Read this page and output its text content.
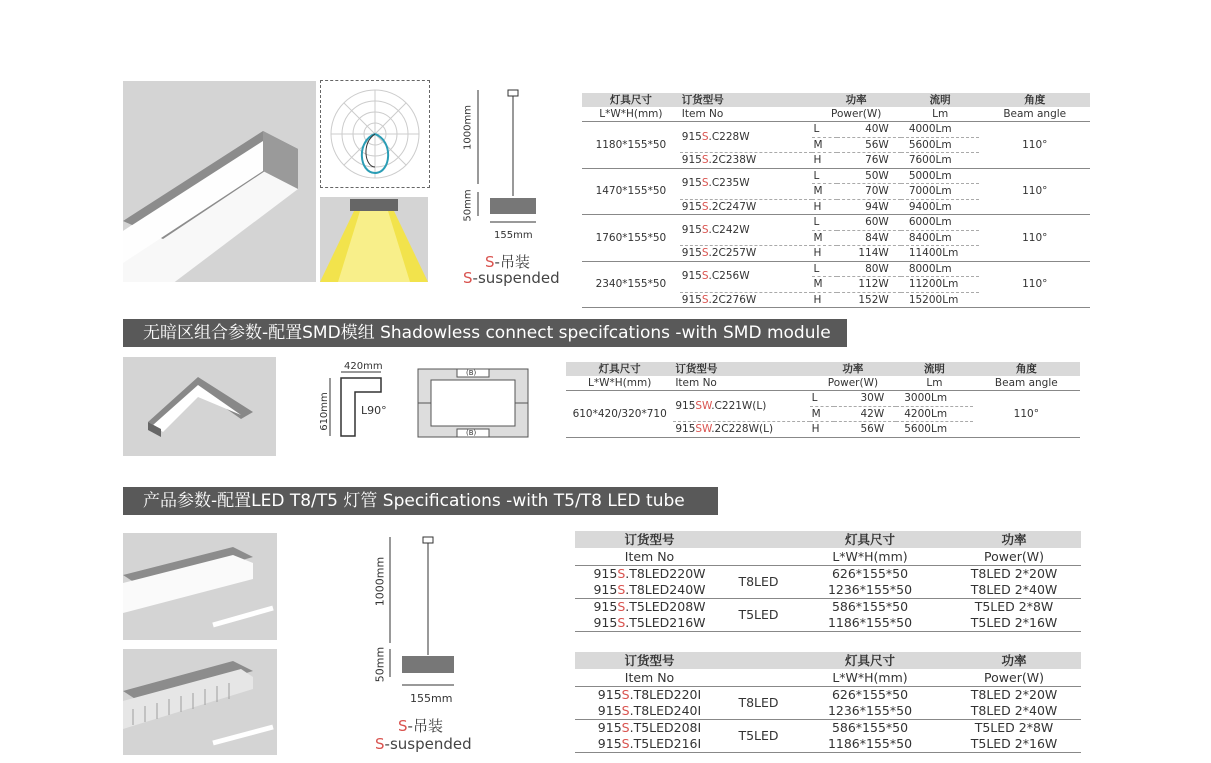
1000mm
50mm
155mm
S-吊装
S-suspended
灯具尺寸	订货型号	功率		流明	角度
L*W*H(mm)	Item No	Power(W)		Lm	Beam angle
1180*155*50	915S.C228W	L	40W	4000Lm	110°
		M	56W	5600Lm	
	915S.2C238W	H	76W	7600Lm	
1470*155*50	915S.C235W	L	50W	5000Lm	110°
		M	70W	7000Lm	
	915S.2C247W	H	94W	9400Lm	
1760*155*50	915S.C242W	L	60W	6000Lm	110°
		M	84W	8400Lm	
	915S.2C257W	H	114W	11400Lm	
2340*155*50	915S.C256W	L	80W	8000Lm	110°
		M	112W	11200Lm	
	915S.2C276W	H	152W	15200Lm	
无暗区组合参数-配置SMD模组 Shadowless connect specifcations -with SMD module
420mm
610mm	L90°
(B)
(B)
灯具尺寸	订货型号	功率		流明	角度
L*W*H(mm)	Item No	Power(W)		Lm	Beam angle
610*420/320*710	915SW.C221W(L)	L	30W	3000Lm	110°
		M	42W	4200Lm	
	915SW.2C228W(L)	H	56W	5600Lm	
产品参数-配置LED T8/T5 灯管 Specifications -with T5/T8 LED tube
1000mm
50mm
155mm
S-吊装
S-suspended
订货型号		灯具尺寸	功率
Item No		L*W*H(mm)	Power(W)
915S.T8LED220W	T8LED	626*155*50	T8LED 2*20W
915S.T8LED240W		1236*155*50	T8LED 2*40W
915S.T5LED208W	T5LED	586*155*50	T5LED 2*8W
915S.T5LED216W		1186*155*50	T5LED 2*16W
订货型号		灯具尺寸	功率
Item No		L*W*H(mm)	Power(W)
915S.T8LED220I	T8LED	626*155*50	T8LED 2*20W
915S.T8LED240I		1236*155*50	T8LED 2*40W
915S.T5LED208I	T5LED	586*155*50	T5LED 2*8W
915S.T5LED216I		1186*155*50	T5LED 2*16W
